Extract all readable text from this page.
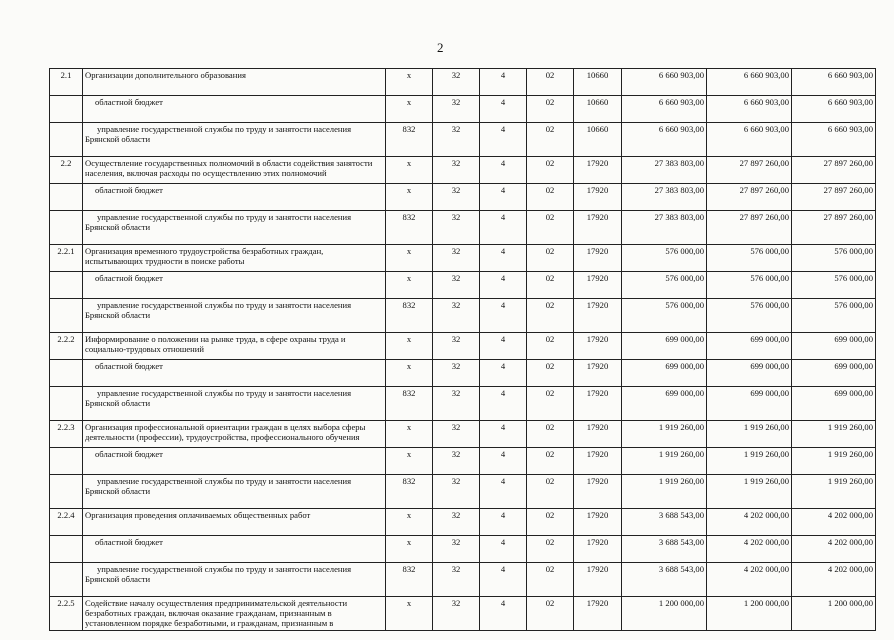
2
2.1	Организации дополнительного образования	x	32	4	02	10660	6 660 903,00	6 660 903,00	6 660 903,00
	областной бюджет	x	32	4	02	10660	6 660 903,00	6 660 903,00	6 660 903,00
	управление государственной службы по труду и занятости населения Брянской области	832	32	4	02	10660	6 660 903,00	6 660 903,00	6 660 903,00
2.2	Осуществление государственных полномочий в области содействия занятости населения, включая расходы по осуществлению этих полномочий	x	32	4	02	17920	27 383 803,00	27 897 260,00	27 897 260,00
	областной бюджет	x	32	4	02	17920	27 383 803,00	27 897 260,00	27 897 260,00
	управление государственной службы по труду и занятости населения Брянской области	832	32	4	02	17920	27 383 803,00	27 897 260,00	27 897 260,00
2.2.1	Организация временного трудоустройства безработных граждан, испытывающих трудности в поиске работы	x	32	4	02	17920	576 000,00	576 000,00	576 000,00
	областной бюджет	x	32	4	02	17920	576 000,00	576 000,00	576 000,00
	управление государственной службы по труду и занятости населения Брянской области	832	32	4	02	17920	576 000,00	576 000,00	576 000,00
2.2.2	Информирование о положении на рынке труда, в сфере охраны труда и социально-трудовых отношений	x	32	4	02	17920	699 000,00	699 000,00	699 000,00
	областной бюджет	x	32	4	02	17920	699 000,00	699 000,00	699 000,00
	управление государственной службы по труду и занятости населения Брянской области	832	32	4	02	17920	699 000,00	699 000,00	699 000,00
2.2.3	Организация профессиональной ориентации граждан в целях выбора сферы деятельности (профессии), трудоустройства, профессионального обучения	x	32	4	02	17920	1 919 260,00	1 919 260,00	1 919 260,00
	областной бюджет	x	32	4	02	17920	1 919 260,00	1 919 260,00	1 919 260,00
	управление государственной службы по труду и занятости населения Брянской области	832	32	4	02	17920	1 919 260,00	1 919 260,00	1 919 260,00
2.2.4	Организация проведения оплачиваемых общественных работ	x	32	4	02	17920	3 688 543,00	4 202 000,00	4 202 000,00
	областной бюджет	x	32	4	02	17920	3 688 543,00	4 202 000,00	4 202 000,00
	управление государственной службы по труду и занятости населения Брянской области	832	32	4	02	17920	3 688 543,00	4 202 000,00	4 202 000,00
2.2.5	Содействие началу осуществления предпринимательской деятельности безработных граждан, включая оказание гражданам, признанным в установленном порядке безработными, и гражданам, признанным в	x	32	4	02	17920	1 200 000,00	1 200 000,00	1 200 000,00
